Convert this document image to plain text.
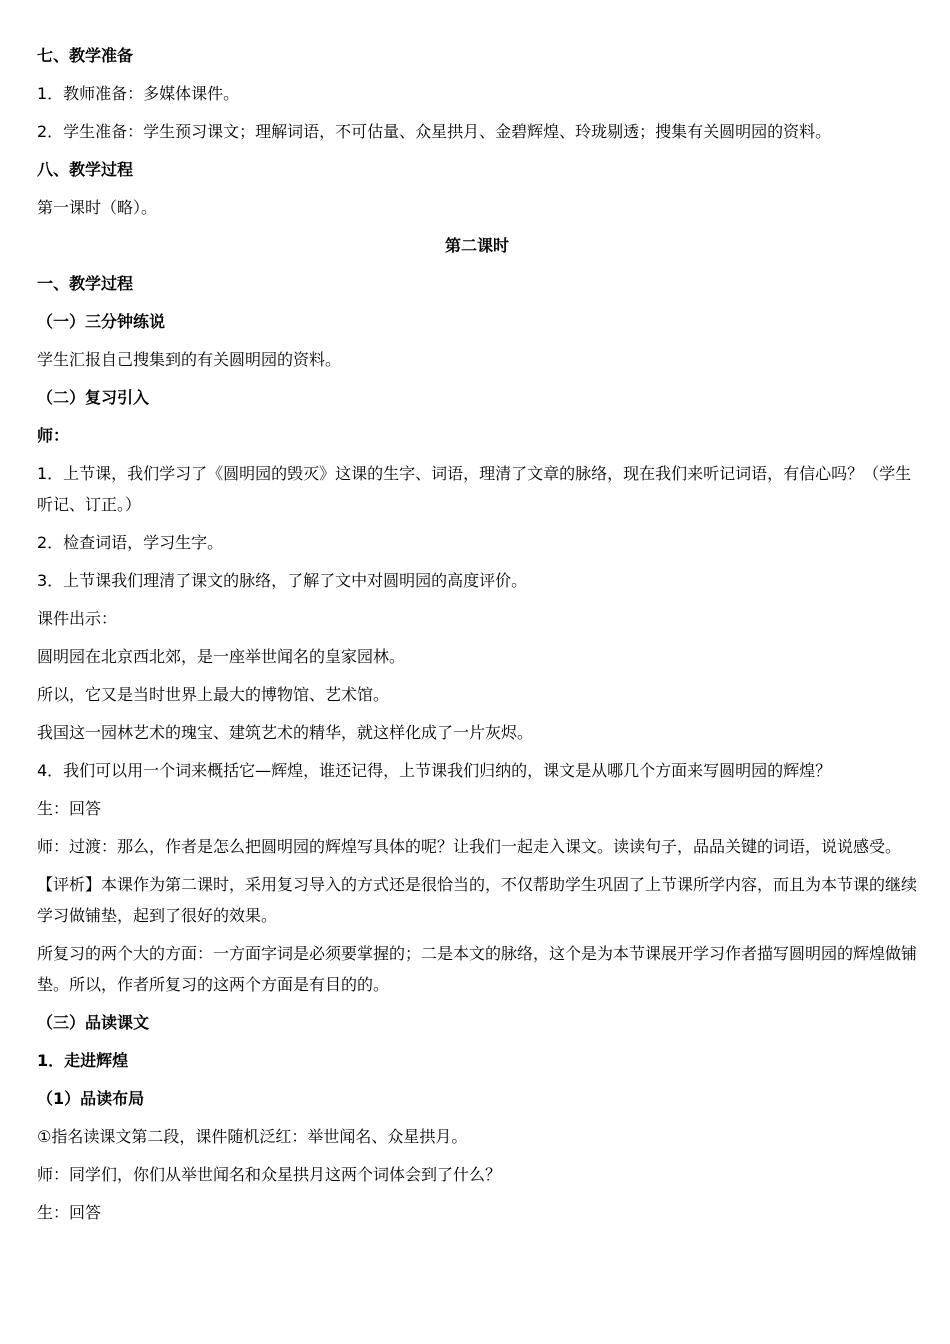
七、教学准备

1．教师准备：多媒体课件。

2．学生准备：学生预习课文；理解词语，不可估量、众星拱月、金碧辉煌、玲珑剔透；搜集有关圆明园的资料。

八、教学过程

第一课时（略）。

第二课时

一、教学过程

（一）三分钟练说

学生汇报自己搜集到的有关圆明园的资料。

（二）复习引入

师：

1．上节课，我们学习了《圆明园的毁灭》这课的生字、词语，理清了文章的脉络，现在我们来听记词语，有信心吗？（学生听记、订正。）

2．检查词语，学习生字。

3．上节课我们理清了课文的脉络，了解了文中对圆明园的高度评价。

课件出示：

圆明园在北京西北郊，是一座举世闻名的皇家园林。

所以，它又是当时世界上最大的博物馆、艺术馆。

我国这一园林艺术的瑰宝、建筑艺术的精华，就这样化成了一片灰烬。

4．我们可以用一个词来概括它—辉煌，谁还记得，上节课我们归纳的，课文是从哪几个方面来写圆明园的辉煌？

生：回答

师：过渡：那么，作者是怎么把圆明园的辉煌写具体的呢？让我们一起走入课文。读读句子，品品关键的词语，说说感受。

【评析】本课作为第二课时，采用复习导入的方式还是很恰当的，不仅帮助学生巩固了上节课所学内容，而且为本节课的继续学习做铺垫，起到了很好的效果。

所复习的两个大的方面：一方面字词是必须要掌握的；二是本文的脉络，这个是为本节课展开学习作者描写圆明园的辉煌做铺垫。所以，作者所复习的这两个方面是有目的的。

（三）品读课文

1．走进辉煌

（1）品读布局

①指名读课文第二段，课件随机泛红：举世闻名、众星拱月。

师：同学们，你们从举世闻名和众星拱月这两个词体会到了什么？

生：回答
